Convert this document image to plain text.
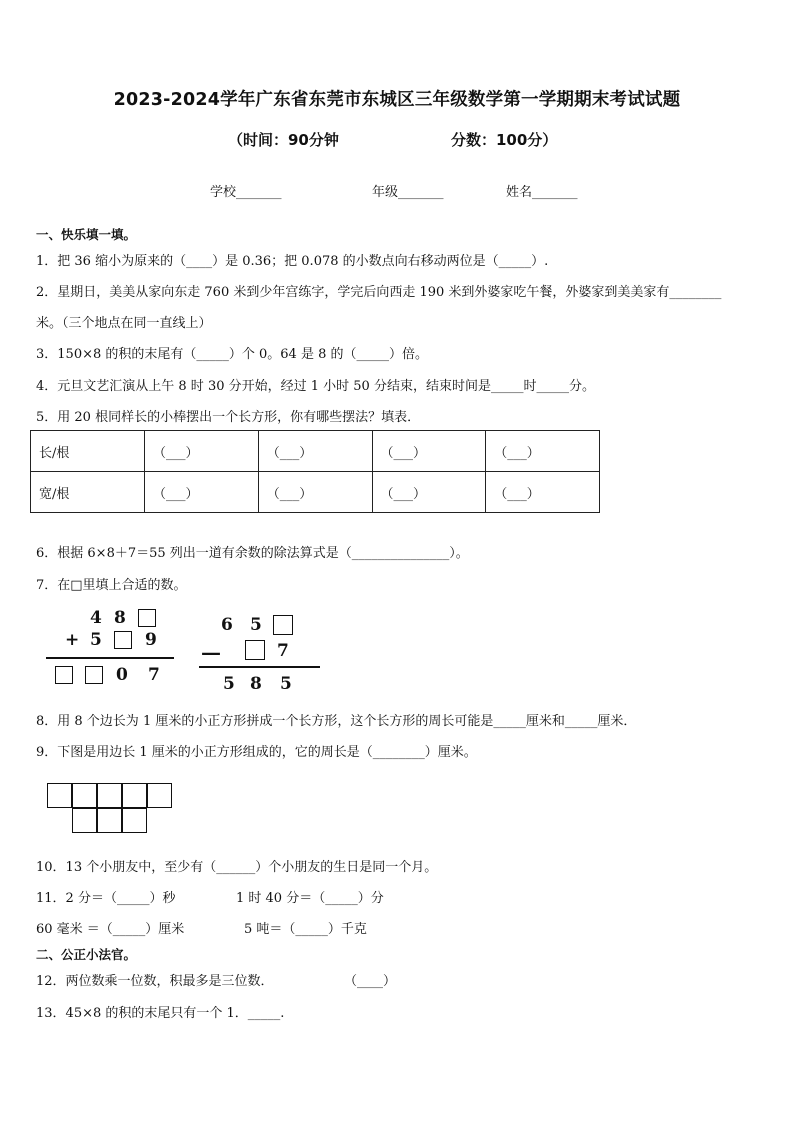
2023-2024学年广东省东莞市东城区三年级数学第一学期期末考试试题
（时间：90分钟	分数：100分）
学校_______	年级_______	姓名_______
一、快乐填一填。
1．把 36 缩小为原来的（____）是 0.36；把 0.078 的小数点向右移动两位是（_____）.
2．星期日，美美从家向东走 760 米到少年宫练字，学完后向西走 190 米到外婆家吃午餐，外婆家到美美家有________
米。（三个地点在同一直线上）
3．150×8 的积的末尾有（_____）个 0。64 是 8 的（_____）倍。
4．元旦文艺汇演从上午 8 时 30 分开始，经过 1 小时 50 分结束，结束时间是_____时_____分。
5．用 20 根同样长的小棒摆出一个长方形，你有哪些摆法？填表．
长/根	（___）	（___）	（___）	（___）
宽/根	（___）	（___）	（___）	（___）
6．根据 6×8＋7＝55 列出一道有余数的除法算式是（_______________）。
7．在□里填上合适的数。
4 8
+ 5	9
0 7
6 5
—	7
5 8 5
8．用 8 个边长为 1 厘米的小正方形拼成一个长方形，这个长方形的周长可能是_____厘米和_____厘米．
9．下图是用边长 1 厘米的小正方形组成的，它的周长是（________）厘米。
10．13 个小朋友中，至少有（______）个小朋友的生日是同一个月。
11．2 分＝（_____）秒	1 时 40 分＝（_____）分
60 毫米 ＝（_____）厘米	5 吨＝（_____）千克
二、公正小法官。
12．两位数乘一位数，积最多是三位数．	（____）
13．45×8 的积的末尾只有一个 1．_____.
